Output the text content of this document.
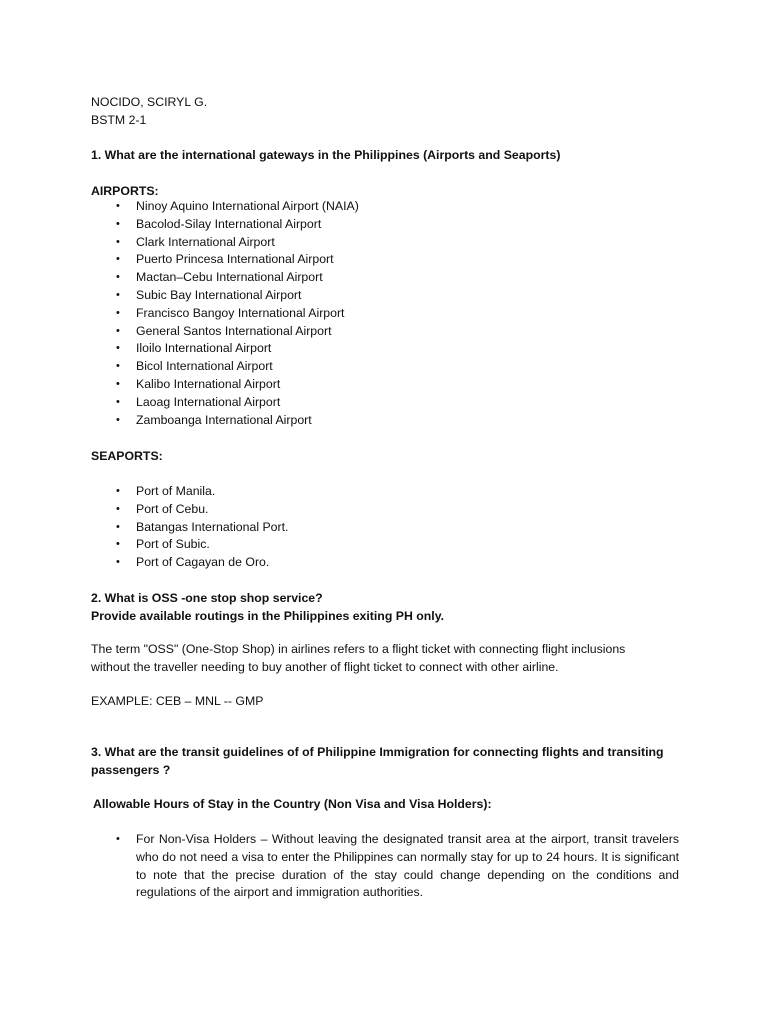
NOCIDO, SCIRYL G.
BSTM 2-1
1. What are the international gateways in the Philippines (Airports and Seaports)
AIRPORTS:
• Ninoy Aquino International Airport (NAIA)
• Bacolod-Silay International Airport
• Clark International Airport
• Puerto Princesa International Airport
• Mactan–Cebu International Airport
• Subic Bay International Airport
• Francisco Bangoy International Airport
• General Santos International Airport
• Iloilo International Airport
• Bicol International Airport
• Kalibo International Airport
• Laoag International Airport
• Zamboanga International Airport
SEAPORTS:
• Port of Manila.
• Port of Cebu.
• Batangas International Port.
• Port of Subic.
• Port of Cagayan de Oro.
2. What is OSS -one stop shop service?
Provide available routings in the Philippines exiting PH only.
The term "OSS" (One-Stop Shop) in airlines refers to a flight ticket with connecting flight inclusions without the traveller needing to buy another of flight ticket to connect with other airline.
EXAMPLE: CEB – MNL -- GMP
3. What are the transit guidelines of of Philippine Immigration for connecting flights and transiting passengers ?
Allowable Hours of Stay in the Country (Non Visa and Visa Holders):
• For Non-Visa Holders – Without leaving the designated transit area at the airport, transit travelers who do not need a visa to enter the Philippines can normally stay for up to 24 hours. It is significant to note that the precise duration of the stay could change depending on the conditions and regulations of the airport and immigration authorities.
